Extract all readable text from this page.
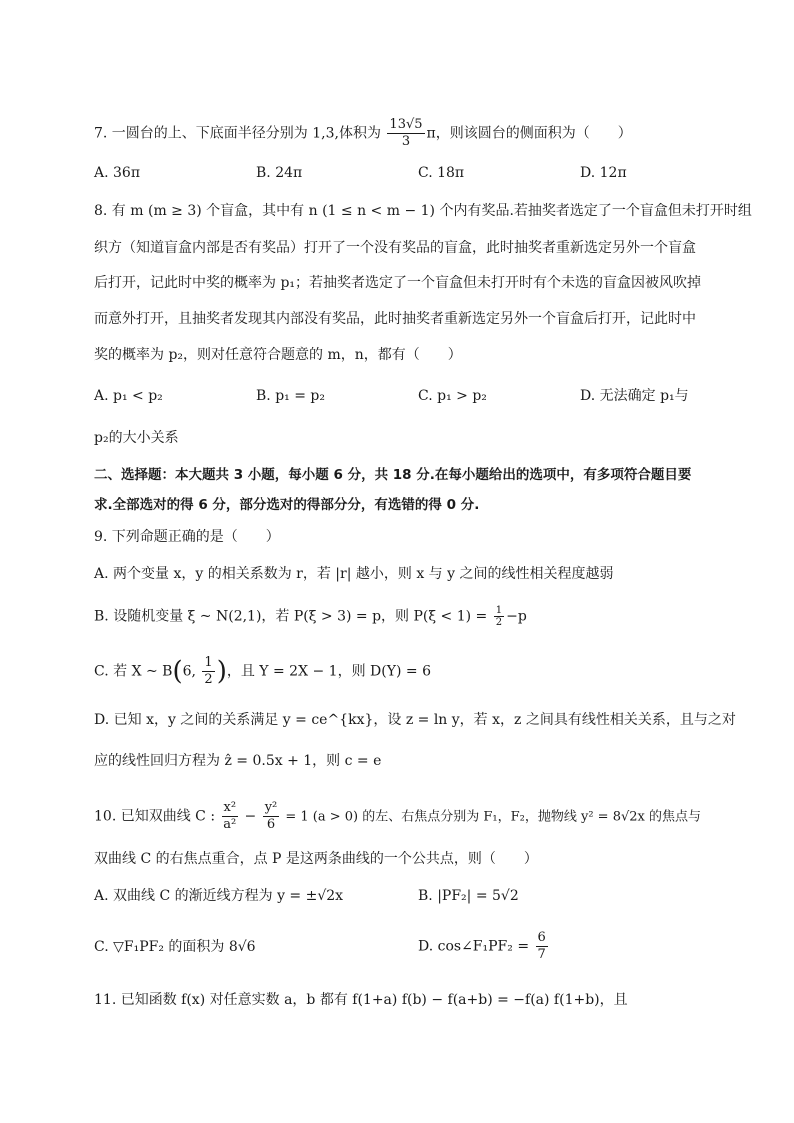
7. 一圆台的上、下底面半径分别为 1,3,体积为 $\frac{13√5}{3}$ π，则该圆台的侧面积为（　　）
A. 36π	B. 24π	C. 18π	D. 12π
8. 有 m (m ≥ 3) 个盲盒，其中有 n (1 ≤ n < m − 1) 个内有奖品.若抽奖者选定了一个盲盒但未打开时组
织方（知道盲盒内部是否有奖品）打开了一个没有奖品的盲盒，此时抽奖者重新选定另外一个盲盒
后打开，记此时中奖的概率为 p₁；若抽奖者选定了一个盲盒但未打开时有个未选的盲盒因被风吹掉
而意外打开，且抽奖者发现其内部没有奖品，此时抽奖者重新选定另外一个盲盒后打开，记此时中
奖的概率为 p₂，则对任意符合题意的 m，n，都有（　　）
A. p₁ < p₂	B. p₁ = p₂	C. p₁ > p₂	D. 无法确定 p₁与
p₂的大小关系
二、选择题：本大题共 3 小题，每小题 6 分，共 18 分.在每小题给出的选项中，有多项符合题目要
求.全部选对的得 6 分，部分选对的得部分分，有选错的得 0 分.
9. 下列命题正确的是（　　）
A. 两个变量 x，y 的相关系数为 r，若 |r| 越小，则 x 与 y 之间的线性相关程度越弱
B. 设随机变量 ξ ~ N(2,1)，若 P(ξ > 3) = p，则 $P(\xi < 1) = \frac{1}{2} -p$
C. 若 X ~ B(6, $\frac{1}{2}$ )，且 Y = 2X − 1，则 D(Y) = 6
D. 已知 x，y 之间的关系满足 y = ce^{kx}，设 z = ln y，若 x，z 之间具有线性相关关系，且与之对
应的线性回归方程为 ẑ = 0.5x + 1，则 c = e
10. 已知双曲线 C : $\frac{\text{x²}}{\text{a²}} - \frac{\text{y²}}{6} = 1$ (a > 0) 的左、右焦点分别为 F₁，F₂，抛物线 y² = 8√2x 的焦点与
双曲线 C 的右焦点重合，点 P 是这两条曲线的一个公共点，则（　　）
A. 双曲线 C 的渐近线方程为 y = ±√2x	B. |PF₂| = 5√2
C. ▽F₁PF₂ 的面积为 8√6	D. cos∠F₁PF₂ = $\frac{6}{7}$
11. 已知函数 f(x) 对任意实数 a，b 都有 f(1+a) f(b) − f(a+b) = −f(a) f(1+b)，且
